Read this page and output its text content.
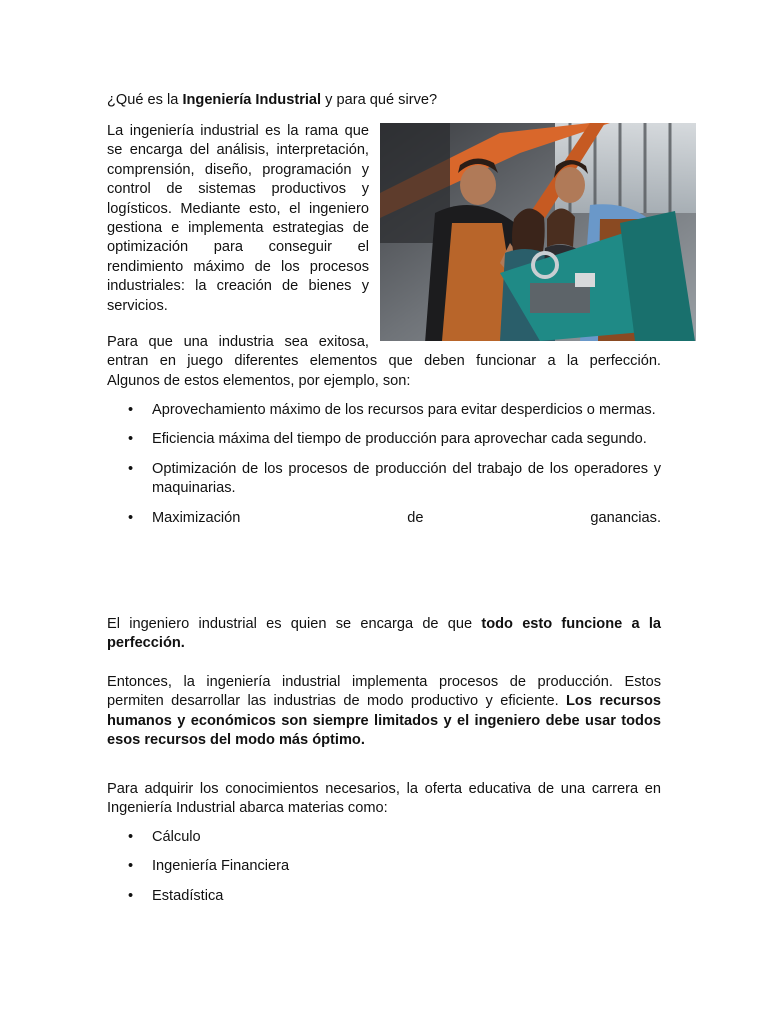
¿Qué es la Ingeniería Industrial y para qué sirve?

La ingeniería industrial es la rama que
se encarga del análisis, interpretación,
comprensión, diseño, programación y
control de sistemas productivos y
logísticos. Mediante esto, el ingeniero
gestiona e implementa estrategias de
optimización para conseguir el
rendimiento máximo de los procesos
industriales: la creación de bienes y
servicios.
Para que una industria sea exitosa,
entran en juego diferentes elementos que deben funcionar a la perfección.
Algunos de estos elementos, por ejemplo, son:
• Aprovechamiento máximo de los recursos para evitar desperdicios o mermas.
• Eficiencia máxima del tiempo de producción para aprovechar cada segundo.
• Optimización de los procesos de producción del trabajo de los operadores y maquinarias.
• Maximización de ganancias.

El ingeniero industrial es quien se encarga de que todo esto funcione a la perfección.

Entonces, la ingeniería industrial implementa procesos de producción. Estos permiten desarrollar las industrias de modo productivo y eficiente. Los recursos humanos y económicos son siempre limitados y el ingeniero debe usar todos esos recursos del modo más óptimo.

Para adquirir los conocimientos necesarios, la oferta educativa de una carrera en Ingeniería Industrial abarca materias como:

• Cálculo
• Ingeniería Financiera
• Estadística
